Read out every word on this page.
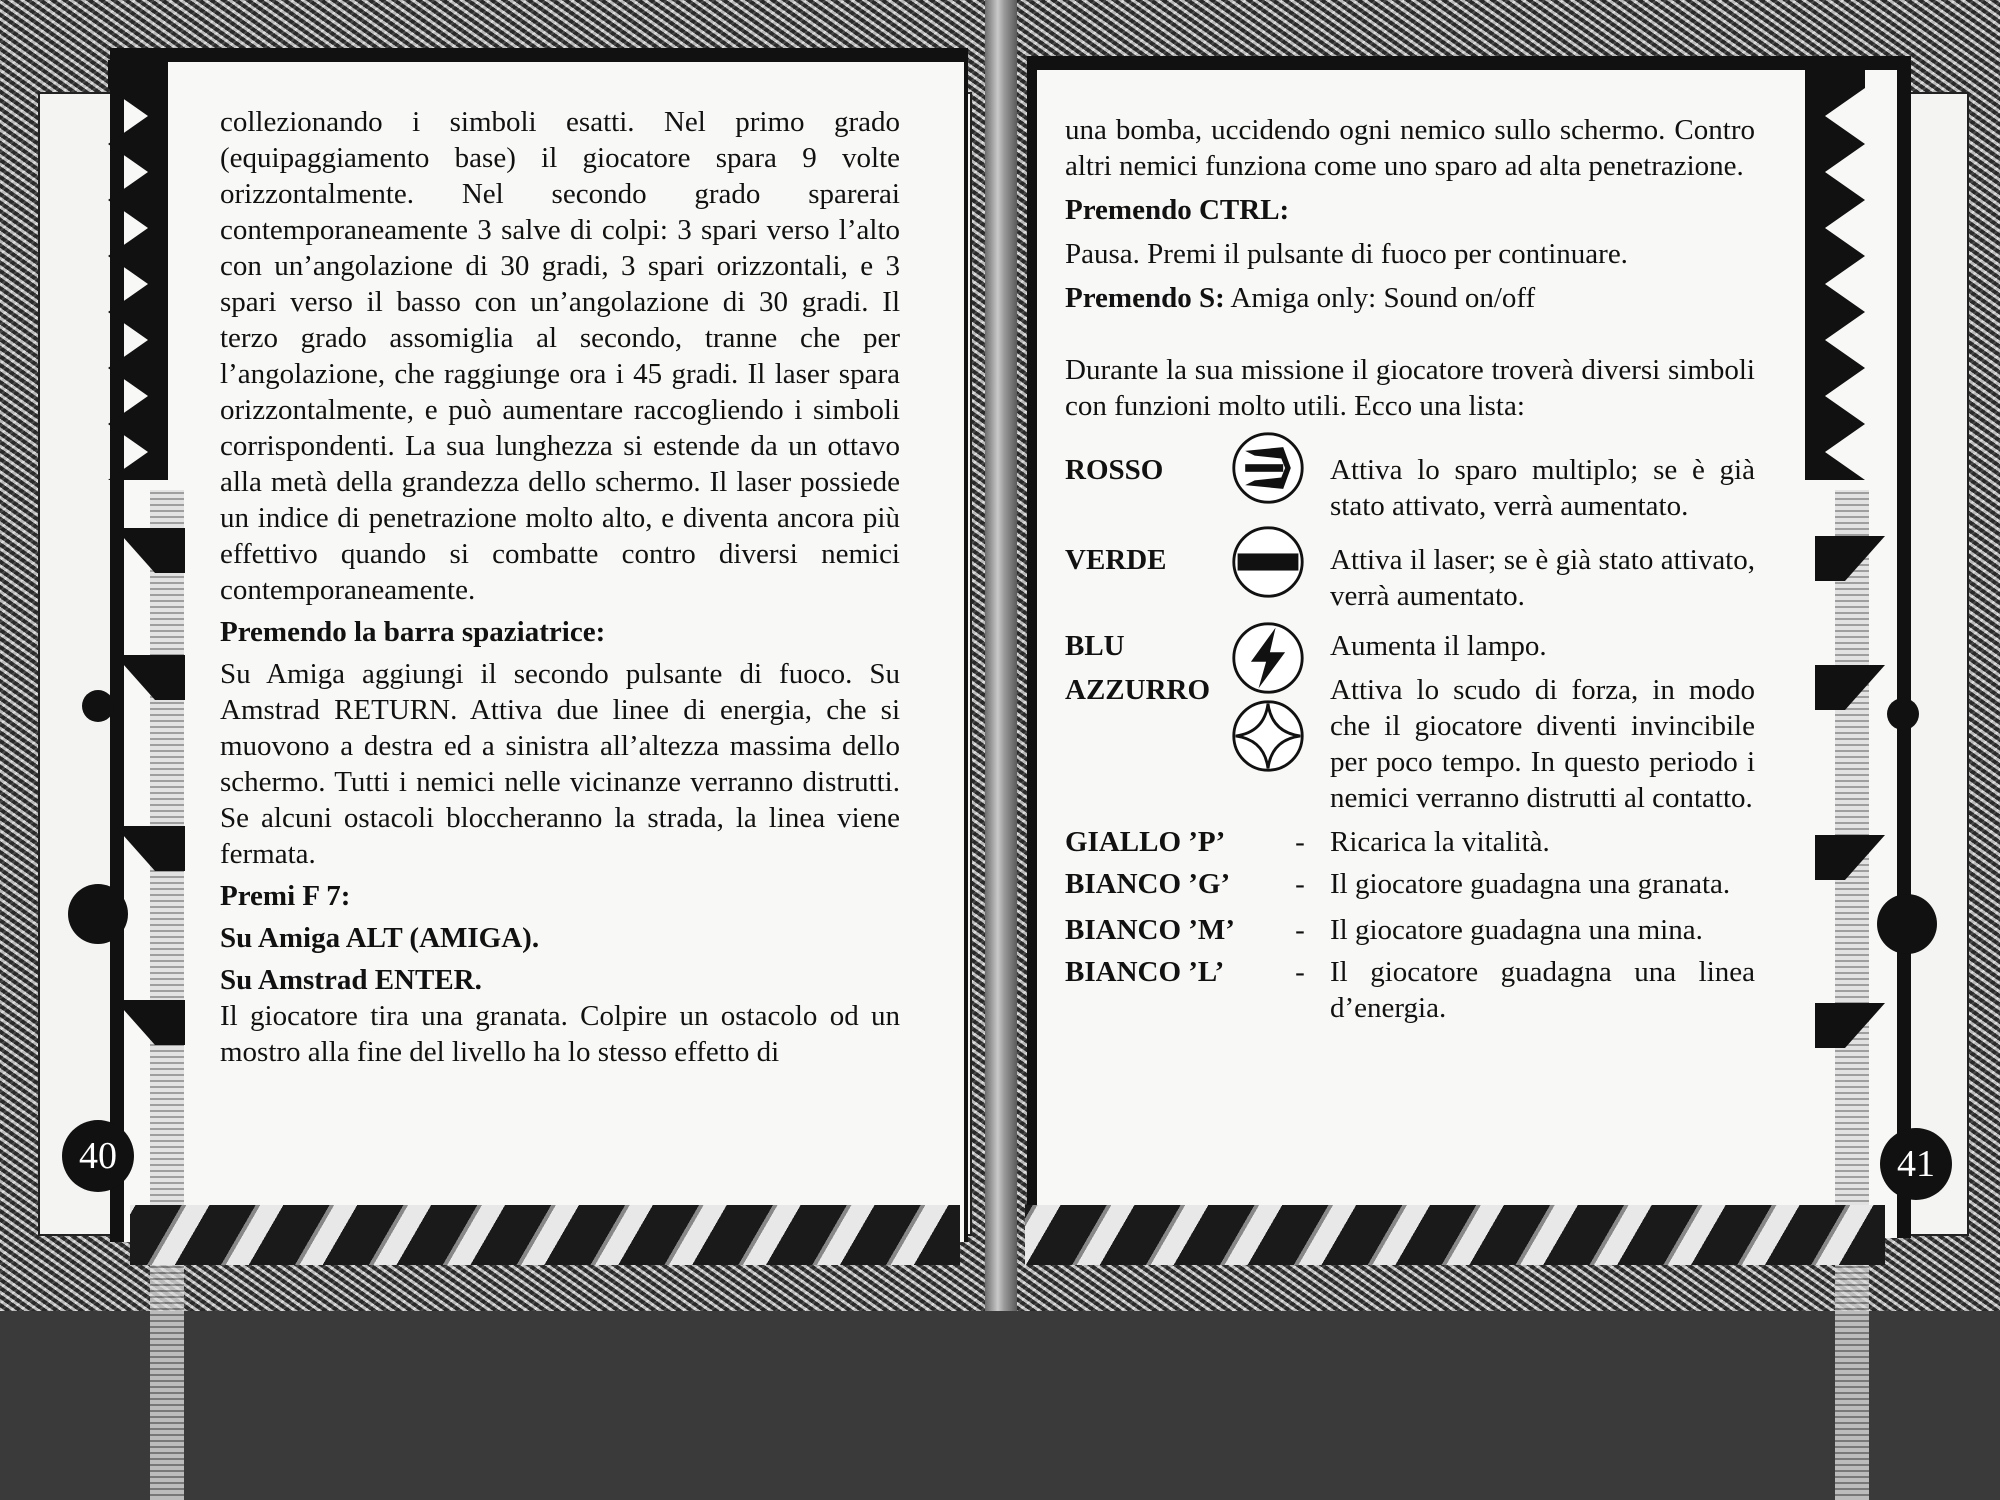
40

collezionando i simboli esatti. Nel primo grado (equipaggiamento base) il giocatore spara 9 volte orizzontalmente. Nel secondo grado sparerai contemporaneamente 3 salve di colpi: 3 spari verso l’alto con un’angolazione di 30 gradi, 3 spari orizzontali, e 3 spari verso il basso con un’angolazione di 30 gradi. Il terzo grado assomiglia al secondo, tranne che per l’angolazione, che raggiunge ora i 45 gradi. Il laser spara orizzontalmente, e può aumentare raccogliendo i simboli corrispondenti. La sua lunghezza si estende da un ottavo alla metà della grandezza dello schermo. Il laser possiede un indice di penetrazione molto alto, e diventa ancora più effettivo quando si combatte contro diversi nemici contemporaneamente.

Premendo la barra spaziatrice:

Su Amiga aggiungi il secondo pulsante di fuoco. Su Amstrad RETURN. Attiva due linee di energia, che si muovono a destra ed a sinistra all’altezza massima dello schermo. Tutti i nemici nelle vicinanze verranno distrutti. Se alcuni ostacoli bloccheranno la strada, la linea viene fermata.

Premi F 7:
Su Amiga ALT (AMIGA).
Su Amstrad ENTER.

Il giocatore tira una granata. Colpire un ostacolo od un mostro alla fine del livello ha lo stesso effetto di

41

una bomba, uccidendo ogni nemico sullo schermo. Contro altri nemici funziona come uno sparo ad alta penetrazione.

Premendo CTRL:
Pausa. Premi il pulsante di fuoco per continuare.
Premendo S: Amiga only: Sound on/off

Durante la sua missione il giocatore troverà diversi simboli con funzioni molto utili. Ecco una lista:

ROSSO	Attiva lo sparo multiplo; se è già stato attivato, verrà aumentato.
VERDE	Attiva il laser; se è già stato attivato, verrà aumentato.
BLU	Aumenta il lampo.
AZZURRO	Attiva lo scudo di forza, in modo che il giocatore diventi invincibile per poco tempo. In questo periodo i nemici verranno distrutti al contatto.
GIALLO ’P’	- Ricarica la vitalità.
BIANCO ’G’	- Il giocatore guadagna una granata.
BIANCO ’M’	- Il giocatore guadagna una mina.
BIANCO ’L’	- Il giocatore guadagna una linea d’energia.
